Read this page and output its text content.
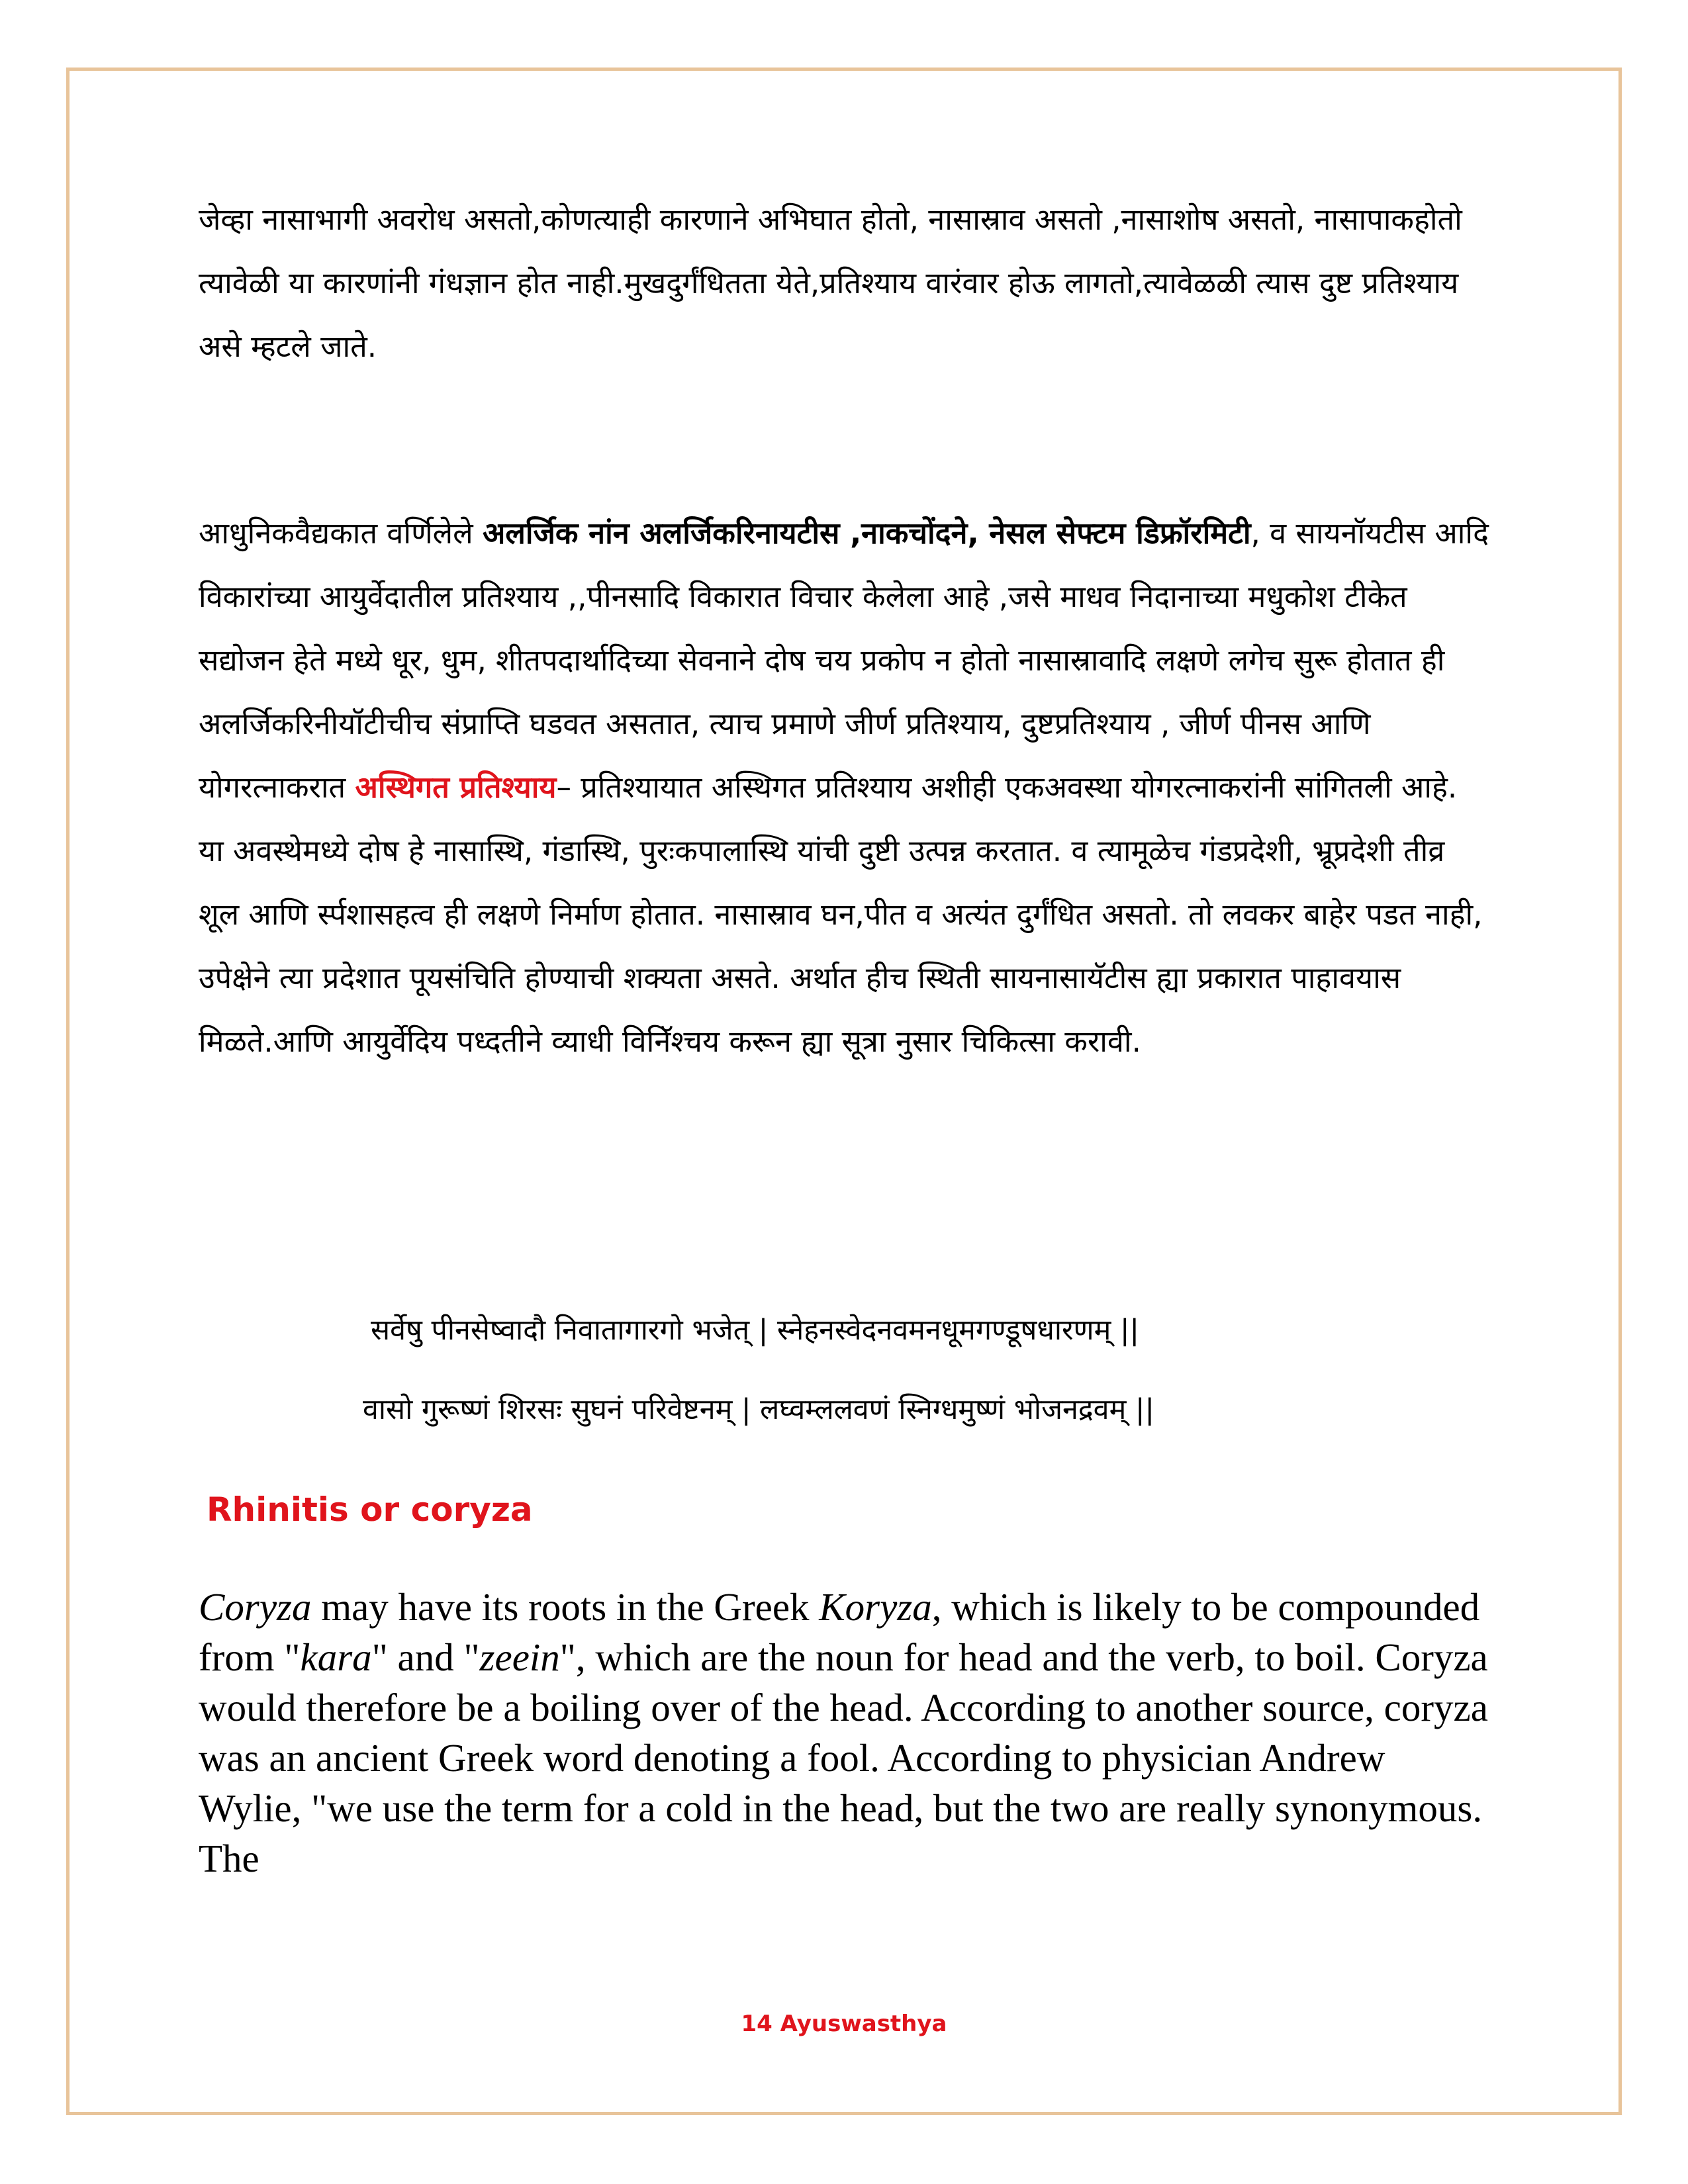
जेव्हा नासाभागी अवरोध असतो,कोणत्याही कारणाने अभिघात होतो, नासास्राव असतो ,नासाशोष असतो, नासापाकहोतो त्यावेळी या कारणांनी गंधज्ञान होत नाही.मुखदुर्गंधितता येते,प्रतिश्याय वारंवार होऊ लागतो,त्यावेळळी त्यास दुष्ट प्रतिश्याय असे म्हटले जाते.

आधुनिकवैद्यकात वर्णिलेले अलर्जिक नांन अलर्जिकरिनायटीस ,नाकचोंदने, नेसल सेफ्टम डिफ्रॉरमिटी, व सायनॉयटीस आदि विकारांच्या आयुर्वेदातील प्रतिश्याय ,,पीनसादि विकारात विचार केलेला आहे ,जसे माधव निदानाच्या मधुकोश टीकेत सद्योजन हेते मध्ये धूर, धुम, शीतपदार्थादिच्या सेवनाने दोष चय प्रकोप न होतो नासास्रावादि लक्षणे लगेच सुरू होतात ही अलर्जिकरिनीयॉटीचीच संप्राप्ति घडवत असतात, त्याच प्रमाणे जीर्ण प्रतिश्याय, दुष्टप्रतिश्याय , जीर्ण पीनस आणि योगरत्नाकरात अस्थिगत प्रतिश्याय– प्रतिश्यायात अस्थिगत प्रतिश्याय अशीही एकअवस्था योगरत्नाकरांनी सांगितली आहे. या अवस्थेमध्ये दोष हे नासास्थि, गंडास्थि, पुरःकपालास्थि यांची दुष्टी उत्पन्न करतात. व त्यामूळेच गंडप्रदेशी, भ्रूप्रदेशी तीव्र शूल आणि र्स्पशासहत्व ही लक्षणे निर्माण होतात. नासास्राव घन,पीत व अत्यंत दुर्गंधित असतो. तो लवकर बाहेर पडत नाही, उपेक्षेने त्या प्रदेशात पूयसंचिति होण्याची शक्यता असते. अर्थात हीच स्थिती सायनासायॅटीस ह्या प्रकारात पाहावयास मिळते.आणि आयुर्वेदिय पध्दतीने व्याधी विनिॅश्चय करून ह्या सूत्रा नुसार चिकित्सा करावी.

सर्वेषु पीनसेष्वादौ निवातागारगो भजेत् | स्नेहनस्वेदनवमनधूमगण्डूषधारणम् ||

वासो गुरूष्णं शिरसः सुघनं परिवेष्टनम् | लघ्वम्ललवणं स्निग्धमुष्णं भोजनद्रवम् ||

Rhinitis or coryza

Coryza may have its roots in the Greek Koryza, which is likely to be compounded from "kara" and "zeein", which are the noun for head and the verb, to boil. Coryza would therefore be a boiling over of the head. According to another source, coryza was an ancient Greek word denoting a fool. According to physician Andrew Wylie, "we use the term for a cold in the head, but the two are really synonymous. The

14 Ayuswasthya
